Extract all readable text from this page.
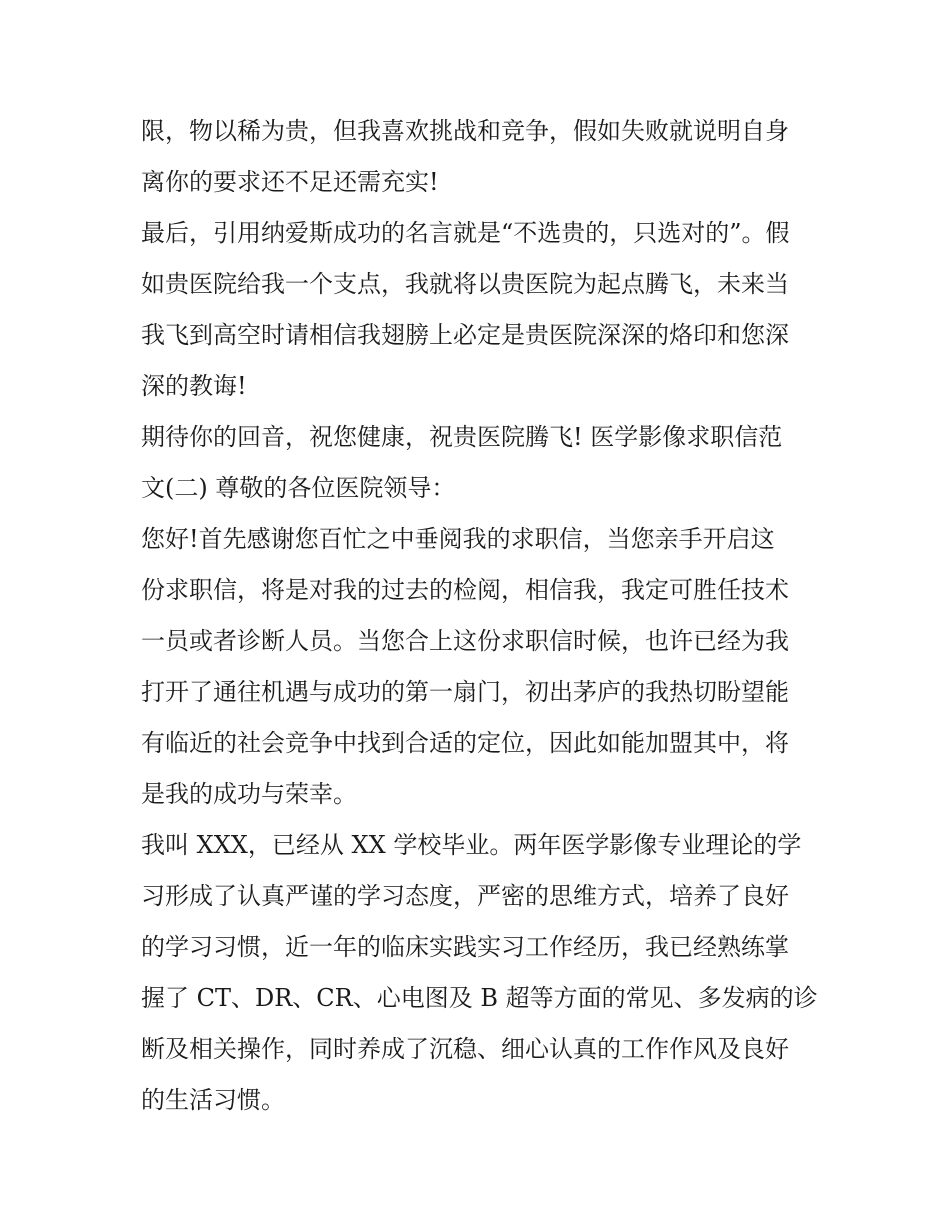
限，物以稀为贵，但我喜欢挑战和竞争，假如失败就说明自身
离你的要求还不足还需充实!
最后，引用纳爱斯成功的名言就是“不选贵的，只选对的”。假
如贵医院给我一个支点，我就将以贵医院为起点腾飞，未来当
我飞到高空时请相信我翅膀上必定是贵医院深深的烙印和您深
深的教诲!
期待你的回音，祝您健康，祝贵医院腾飞! 医学影像求职信范
文(二) 尊敬的各位医院领导：
您好!首先感谢您百忙之中垂阅我的求职信，当您亲手开启这
份求职信，将是对我的过去的检阅，相信我，我定可胜任技术
一员或者诊断人员。当您合上这份求职信时候，也许已经为我
打开了通往机遇与成功的第一扇门，初出茅庐的我热切盼望能
有临近的社会竞争中找到合适的定位，因此如能加盟其中，将
是我的成功与荣幸。
我叫 XXX，已经从 XX 学校毕业。两年医学影像专业理论的学
习形成了认真严谨的学习态度，严密的思维方式，培养了良好
的学习习惯，近一年的临床实践实习工作经历，我已经熟练掌
握了 CT、DR、CR、心电图及 B 超等方面的常见、多发病的诊
断及相关操作，同时养成了沉稳、细心认真的工作作风及良好
的生活习惯。
